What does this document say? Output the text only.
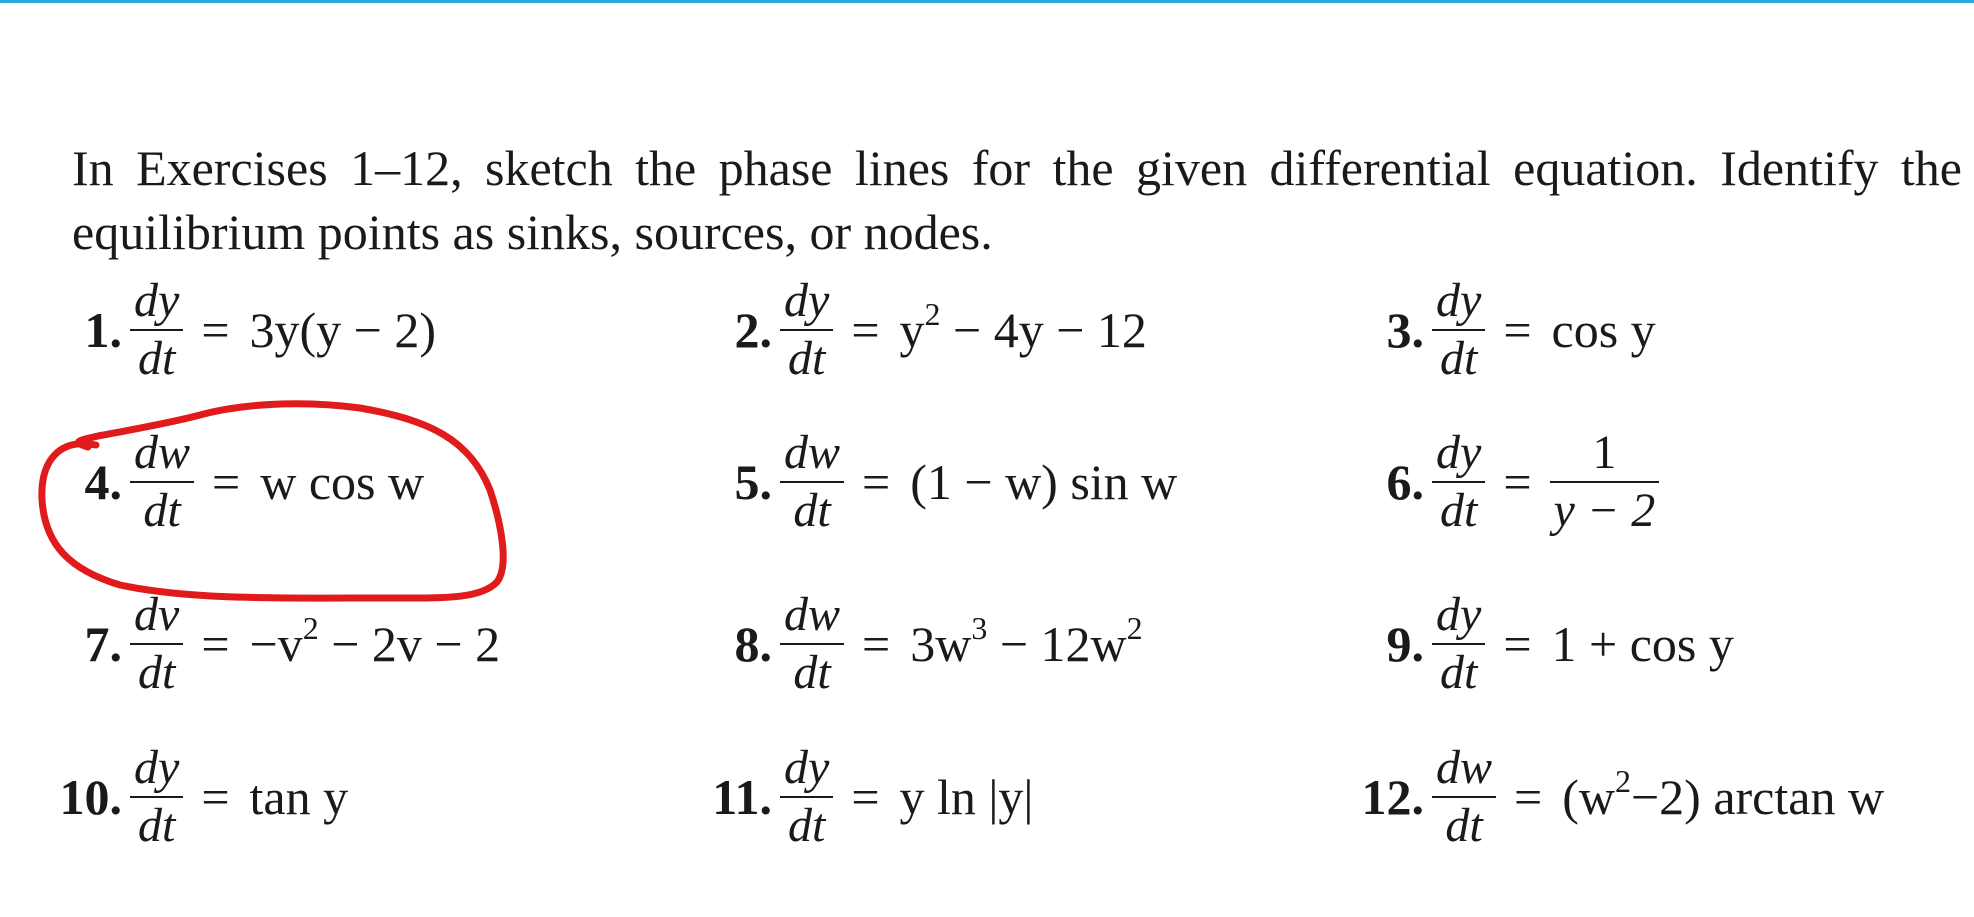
In Exercises 1–12, sketch the phase lines for the given differential equation. Identify the equilibrium points as sinks, sources, or nodes.

1. $\frac{dy}{dt} = 3y(y - 2)$	2. $\frac{dy}{dt} = y^2 - 4y - 12$	3. $\frac{dy}{dt} = \cos y$
4. $\frac{dw}{dt} = w$ cos w	5. $\frac{dw}{dt} = (1 - w)$ sin w	6. $\frac{dy}{dt} = \frac{1}{y - 2}$
7. $\frac{dv}{dt} = -v^2 - 2v - 2$	8. $\frac{dw}{dt} = 3w^3 - 12w^2$	9. $\frac{dy}{dt} = 1 + \cos y$
10. $\frac{dy}{dt} = \tan y$	11. $\frac{dy}{dt} = y$ ln |y|	12. $\frac{dw}{dt} = (w^2-2)$ arctan w
